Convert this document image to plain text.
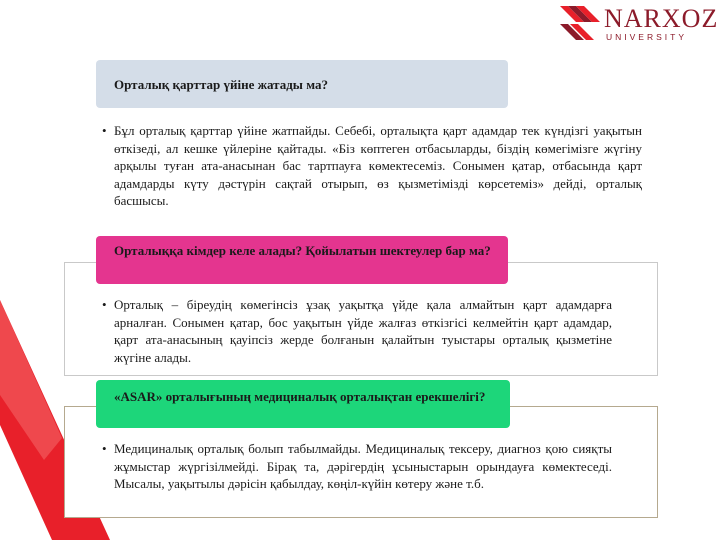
NARXOZ
UNIVERSITY
Орталық қарттар үйіне жатады ма?
• Бұл орталық қарттар үйіне жатпайды. Себебі, орталықта қарт адамдар тек күндізгі уақытын өткізеді, ал кешке үйлеріне қайтады. «Біз көптеген отбасыларды, біздің көмегімізге жүгіну арқылы туған ата-анасынан бас тартпауға көмектесеміз. Сонымен қатар, отбасында қарт адамдарды күту дәстүрін сақтай отырып, өз қызметімізді көрсетеміз» дейді, орталық басшысы.
Орталыққа кімдер келе алады? Қойылатын шектеулер бар ма?
• Орталық – біреудің көмегінсіз ұзақ уақытқа үйде қала алмайтын қарт адамдарға арналған. Сонымен қатар, бос уақытын үйде жалғаз өткізгісі келмейтін қарт адамдар, қарт ата-анасының қауіпсіз жерде болғанын қалайтын туыстары орталық қызметіне жүгіне алады.
«ASAR» орталығының медициналық орталықтан ерекшелігі?
• Медициналық орталық болып табылмайды. Медициналық тексеру, диагноз қою сияқты жұмыстар жүргізілмейді. Бірақ та, дәрігердің ұсыныстарын орындауға көмектеседі. Мысалы, уақытылы дәрісін қабылдау, көңіл-күйін көтеру және т.б.
